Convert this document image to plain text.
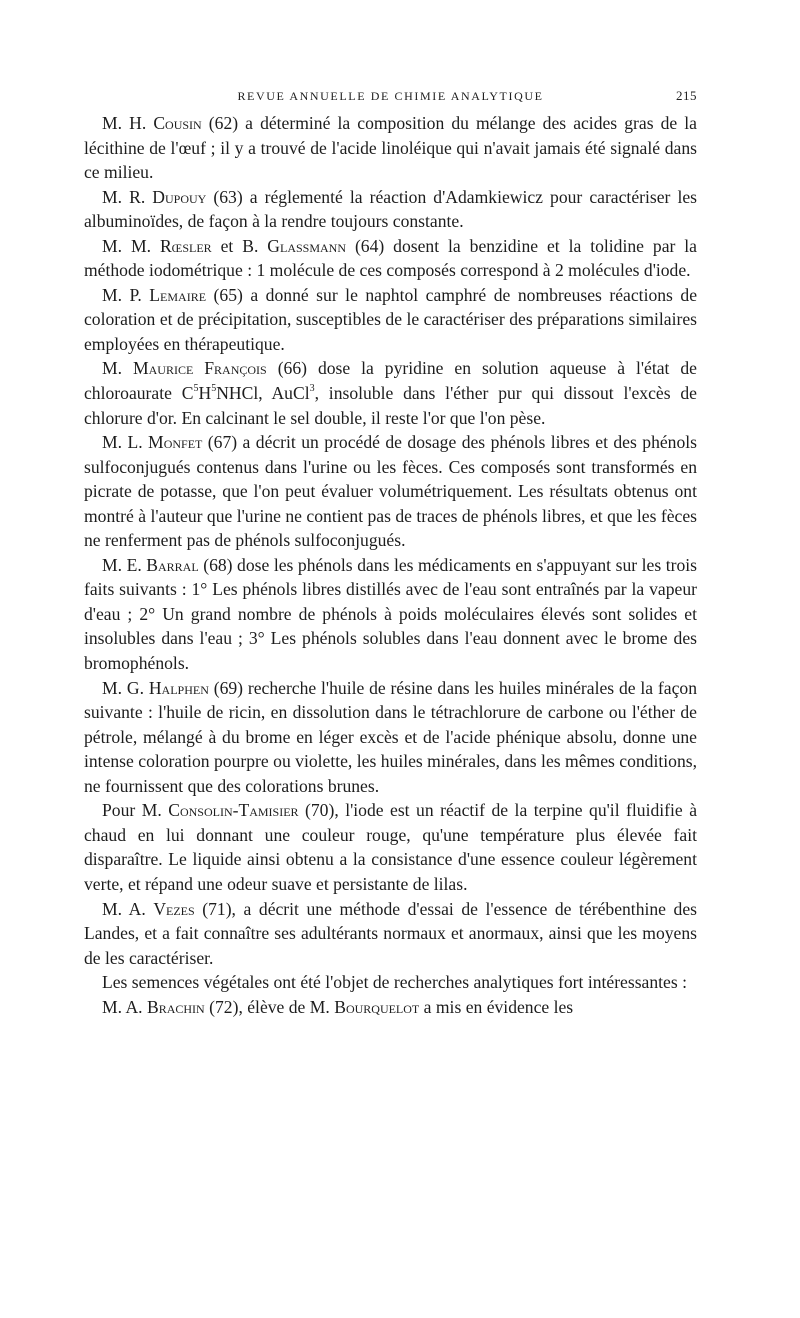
REVUE ANNUELLE DE CHIMIE ANALYTIQUE	215

M. H. Cousin (62) a déterminé la composition du mélange des acides gras de la lécithine de l'œuf ; il y a trouvé de l'acide linoléique qui n'avait jamais été signalé dans ce milieu.

M. R. Dupouy (63) a réglementé la réaction d'Adamkiewicz pour caractériser les albuminoïdes, de façon à la rendre toujours constante.

M. M. Rœsler et B. Glassmann (64) dosent la benzidine et la tolidine par la méthode iodométrique : 1 molécule de ces composés correspond à 2 molécules d'iode.

M. P. Lemaire (65) a donné sur le naphtol camphré de nombreuses réactions de coloration et de précipitation, susceptibles de le caractériser des préparations similaires employées en thérapeutique.

M. Maurice François (66) dose la pyridine en solution aqueuse à l'état de chloroaurate $C^5H^5NHCl$, AuCl$^3$, insoluble dans l'éther pur qui dissout l'excès de chlorure d'or. En calcinant le sel double, il reste l'or que l'on pèse.

M. L. Monfet (67) a décrit un procédé de dosage des phénols libres et des phénols sulfoconjugués contenus dans l'urine ou les fèces. Ces composés sont transformés en picrate de potasse, que l'on peut évaluer volumétriquement. Les résultats obtenus ont montré à l'auteur que l'urine ne contient pas de traces de phénols libres, et que les fèces ne renferment pas de phénols sulfoconjugués.

M. E. Barral (68) dose les phénols dans les médicaments en s'appuyant sur les trois faits suivants : 1° Les phénols libres distillés avec de l'eau sont entraînés par la vapeur d'eau ; 2° Un grand nombre de phénols à poids moléculaires élevés sont solides et insolubles dans l'eau ; 3° Les phénols solubles dans l'eau donnent avec le brome des bromophénols.

M. G. Halphen (69) recherche l'huile de résine dans les huiles minérales de la façon suivante : l'huile de ricin, en dissolution dans le tétrachlorure de carbone ou l'éther de pétrole, mélangé à du brome en léger excès et de l'acide phénique absolu, donne une intense coloration pourpre ou violette, les huiles minérales, dans les mêmes conditions, ne fournissent que des colorations brunes.

Pour M. Consolin-Tamisier (70), l'iode est un réactif de la terpine qu'il fluidifie à chaud en lui donnant une couleur rouge, qu'une température plus élevée fait disparaître. Le liquide ainsi obtenu a la consistance d'une essence couleur légèrement verte, et répand une odeur suave et persistante de lilas.

M. A. Vezes (71), a décrit une méthode d'essai de l'essence de térébenthine des Landes, et a fait connaître ses adultérants normaux et anormaux, ainsi que les moyens de les caractériser.

Les semences végétales ont été l'objet de recherches analytiques fort intéressantes :

M. A. Brachin (72), élève de M. Bourquelot a mis en évidence les
